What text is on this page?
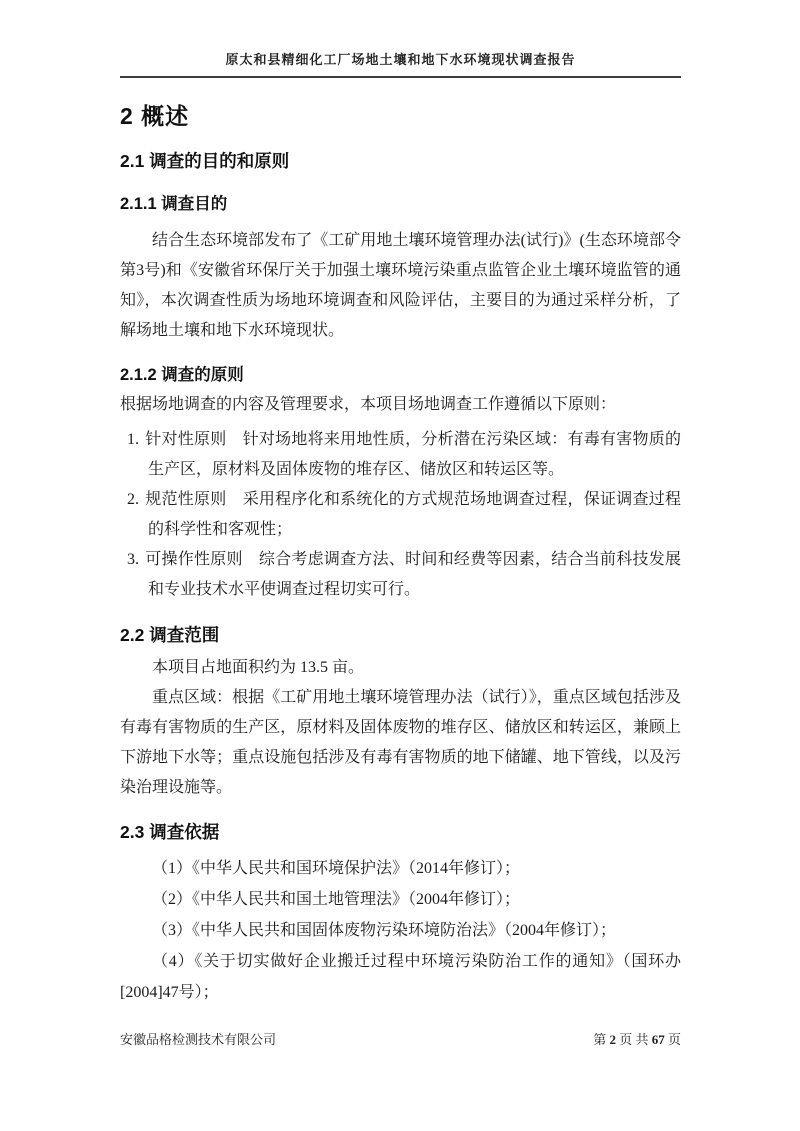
原太和县精细化工厂场地土壤和地下水环境现状调查报告
2 概述
2.1 调查的目的和原则
2.1.1 调查目的

结合生态环境部发布了《工矿用地土壤环境管理办法(试行)》(生态环境部令第3号)和《安徽省环保厅关于加强土壤环境污染重点监管企业土壤环境监管的通知》，本次调查性质为场地环境调查和风险评估，主要目的为通过采样分析，了解场地土壤和地下水环境现状。

2.1.2 调查的原则

根据场地调查的内容及管理要求，本项目场地调查工作遵循以下原则：

1. 针对性原则　针对场地将来用地性质，分析潜在污染区域：有毒有害物质的生产区，原材料及固体废物的堆存区、储放区和转运区等。

2. 规范性原则　采用程序化和系统化的方式规范场地调查过程，保证调查过程的科学性和客观性；

3. 可操作性原则　综合考虑调查方法、时间和经费等因素，结合当前科技发展和专业技术水平使调查过程切实可行。

2.2 调查范围

本项目占地面积约为 13.5 亩。

重点区域：根据《工矿用地土壤环境管理办法（试行）》，重点区域包括涉及有毒有害物质的生产区，原材料及固体废物的堆存区、储放区和转运区，兼顾上下游地下水等；重点设施包括涉及有毒有害物质的地下储罐、地下管线，以及污染治理设施等。

2.3 调查依据

（1）《中华人民共和国环境保护法》（2014年修订）；

（2）《中华人民共和国土地管理法》（2004年修订）；

（3）《中华人民共和国固体废物污染环境防治法》（2004年修订）；

（4）《关于切实做好企业搬迁过程中环境污染防治工作的通知》（国环办[2004]47号）；

安徽品格检测技术有限公司	第 2 页 共 67 页
